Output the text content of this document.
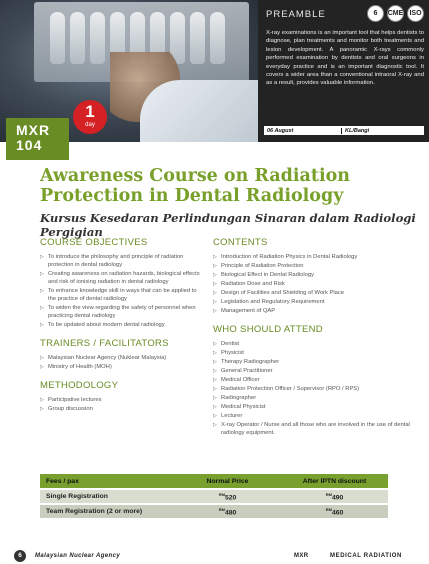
PREAMBLE	6	CME ISO
X-ray examinations is an important tool that helps dentists to diagnose, plan treatments and monitor both treatments and lesion development. A panoramic X-rays commonly performed examination by dentists and oral surgeons in everyday practice and is an important diagnostic tool. It covers a wider area than a conventional intraoral X-ray and as a result, provides valuable information.
06 August	KL/Bangi
MXR
104
1
day
Awareness Course on Radiation
Protection in Dental Radiology
Kursus Kesedaran Perlindungan Sinaran dalam Radiologi Pergigian
COURSE OBJECTIVES
▷ To introduce the philosophy and principle of radiation protection in dental radiology
▷ Creating awareness on radiation hazards, biological effects and risk of ionising radiation in dental radiology
▷ To enhance knowledge skill in ways that can be applied to the practice of dental radiology
▷ To widen the view regarding the safety of personnel when practicing dental radiology
▷ To be updated about modern dental radiology
TRAINERS / FACILITATORS
▷ Malaysian Nuclear Agency (Nuklear Malaysia)
▷ Ministry of Health (MOH)
METHODOLOGY
▷ Participative lectures
▷ Group discussion
CONTENTS
▷ Introduction of Radiation Physics in Dental Radiology
▷ Principle of Radiation Protection
▷ Biological Effect in Dental Radiology
▷ Radiation Dose and Risk
▷ Design of Facilities and Shielding of Work Place
▷ Legislation and Regulatory Requirement
▷ Management of QAP
WHO SHOULD ATTEND
▷ Dentist
▷ Physicist
▷ Therapy Radiographer
▷ General Practitioner
▷ Medical Officer
▷ Radiation Protection Officer / Supervisor (RPO / RPS)
▷ Radiographer
▷ Medical Physicist
▷ Lecturer
▷ X-ray Operator / Nurse and all those who are involved in the use of dental radiology equipment.
Fees / pax	Normal Price	After IPTN discount
Single Registration	$^{RM}$520	$^{RM}$490
Team Registration (2 or more)	$^{RM}$480	$^{RM}$460
6	Malaysian Nuclear Agency	MXR	MEDICAL RADIATION
